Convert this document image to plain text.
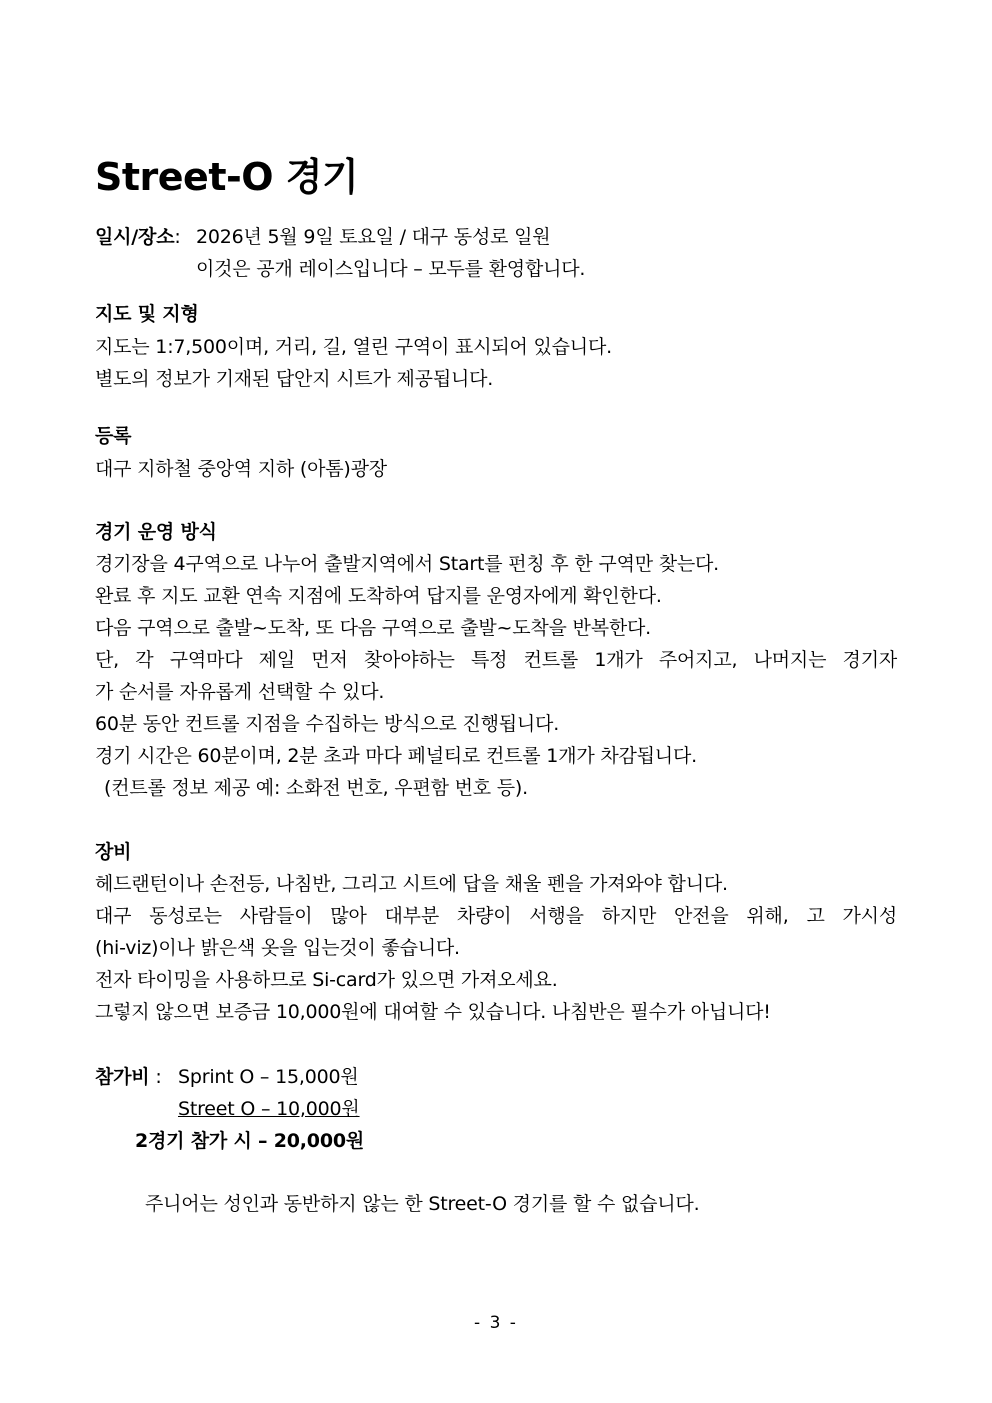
Street-O 경기
일시/장소: 2026년 5월 9일 토요일 / 대구 동성로 일원
이것은 공개 레이스입니다 – 모두를 환영합니다.
지도 및 지형
지도는 1:7,500이며, 거리, 길, 열린 구역이 표시되어 있습니다.
별도의 정보가 기재된 답안지 시트가 제공됩니다.
등록
대구 지하철 중앙역 지하 (아톰)광장
경기 운영 방식
경기장을 4구역으로 나누어 출발지역에서 Start를 펀칭 후 한 구역만 찾는다.
완료 후 지도 교환 연속 지점에 도착하여 답지를 운영자에게 확인한다.
다음 구역으로 출발~도착, 또 다음 구역으로 출발~도착을 반복한다.
단, 각 구역마다 제일 먼저 찾아야하는 특정 컨트롤 1개가 주어지고, 나머지는 경기자
가 순서를 자유롭게 선택할 수 있다.
60분 동안 컨트롤 지점을 수집하는 방식으로 진행됩니다.
경기 시간은 60분이며, 2분 초과 마다 페널티로 컨트롤 1개가 차감됩니다.
(컨트롤 정보 제공 예: 소화전 번호, 우편함 번호 등).
장비
헤드랜턴이나 손전등, 나침반, 그리고 시트에 답을 채울 펜을 가져와야 합니다.
대구 동성로는 사람들이 많아 대부분 차량이 서행을 하지만 안전을 위해, 고 가시성
(hi-viz)이나 밝은색 옷을 입는것이 좋습니다.
전자 타이밍을 사용하므로 Si-card가 있으면 가져오세요.
그렇지 않으면 보증금 10,000원에 대여할 수 있습니다. 나침반은 필수가 아닙니다!
참가비 : Sprint O – 15,000원
Street O – 10,000원
2경기 참가 시 – 20,000원
주니어는 성인과 동반하지 않는 한 Street-O 경기를 할 수 없습니다.
- 3 -
